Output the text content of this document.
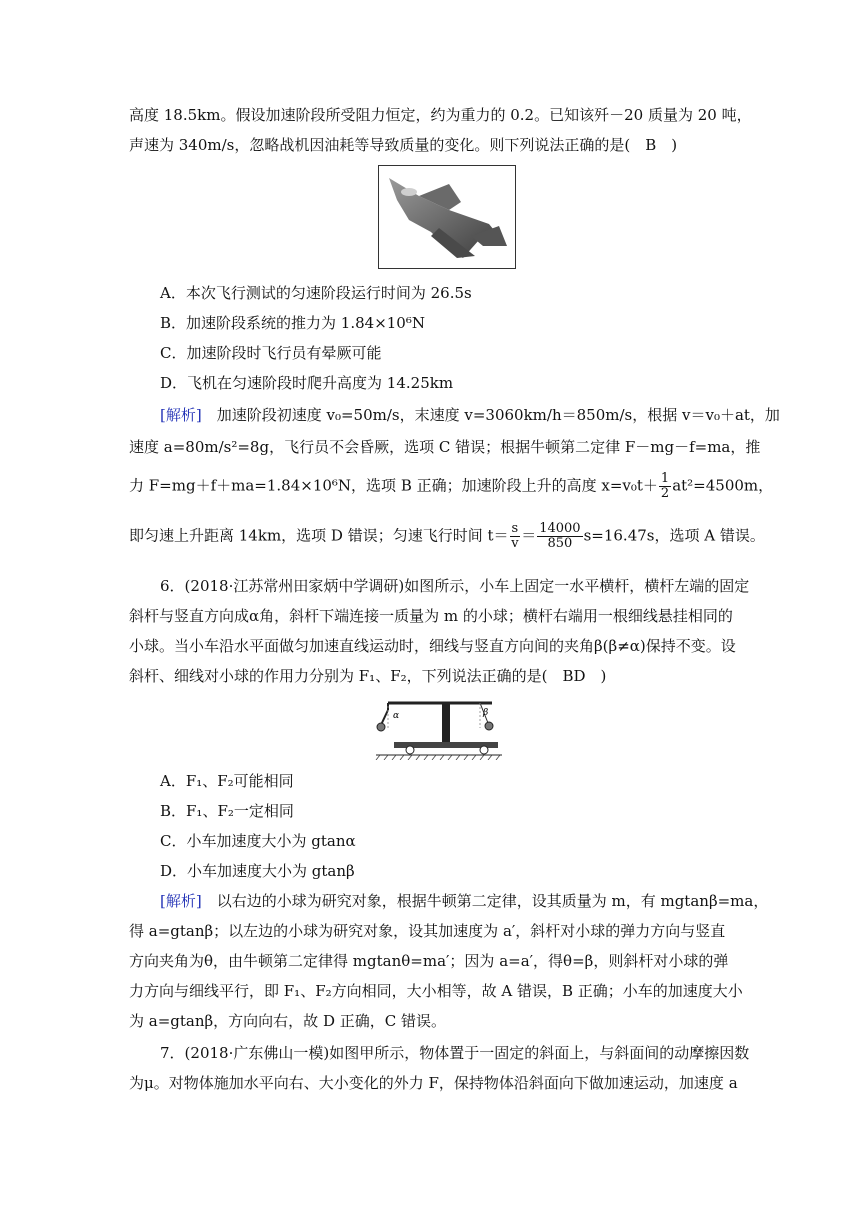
高度 18.5km。假设加速阶段所受阻力恒定，约为重力的 0.2。已知该歼－20 质量为 20 吨，
声速为 340m/s，忽略战机因油耗等导致质量的变化。则下列说法正确的是(　B　)
A．本次飞行测试的匀速阶段运行时间为 26.5s
B．加速阶段系统的推力为 1.84×10⁶N
C．加速阶段时飞行员有晕厥可能
D．飞机在匀速阶段时爬升高度为 14.25km
[解析]　加速阶段初速度 v₀=50m/s，末速度 v=3060km/h＝850m/s，根据 v＝v₀＋at，加
速度 a=80m/s²=8g，飞行员不会昏厥，选项 C 错误；根据牛顿第二定律 F－mg－f=ma，推
力 F=mg＋f＋ma=1.84×10⁶N，选项 B 正确；加速阶段上升的高度 $x=v_0t+ \frac{1}{2} at^2=4500m$，
即匀速上升距离 14km，选项 D 错误；匀速飞行时间 $t= \frac{s}{v} = \frac{14000}{850} s=16.47s$，选项 A 错误。
6．(2018·江苏常州田家炳中学调研)如图所示，小车上固定一水平横杆，横杆左端的固定
斜杆与竖直方向成α角，斜杆下端连接一质量为 m 的小球；横杆右端用一根细线悬挂相同的
小球。当小车沿水平面做匀加速直线运动时，细线与竖直方向间的夹角β(β≠α)保持不变。设
斜杆、细线对小球的作用力分别为 F₁、F₂，下列说法正确的是(　BD　)
α	β
A．F₁、F₂可能相同
B．F₁、F₂一定相同
C．小车加速度大小为 gtanα
D．小车加速度大小为 gtanβ
[解析]　以右边的小球为研究对象，根据牛顿第二定律，设其质量为 m，有 mgtanβ=ma，
得 a=gtanβ；以左边的小球为研究对象，设其加速度为 a′，斜杆对小球的弹力方向与竖直
方向夹角为θ，由牛顿第二定律得 mgtanθ=ma′；因为 a=a′，得θ=β，则斜杆对小球的弹
力方向与细线平行，即 F₁、F₂方向相同，大小相等，故 A 错误，B 正确；小车的加速度大小
为 a=gtanβ，方向向右，故 D 正确，C 错误。
7．(2018·广东佛山一模)如图甲所示，物体置于一固定的斜面上，与斜面间的动摩擦因数
为μ。对物体施加水平向右、大小变化的外力 F，保持物体沿斜面向下做加速运动，加速度 a
